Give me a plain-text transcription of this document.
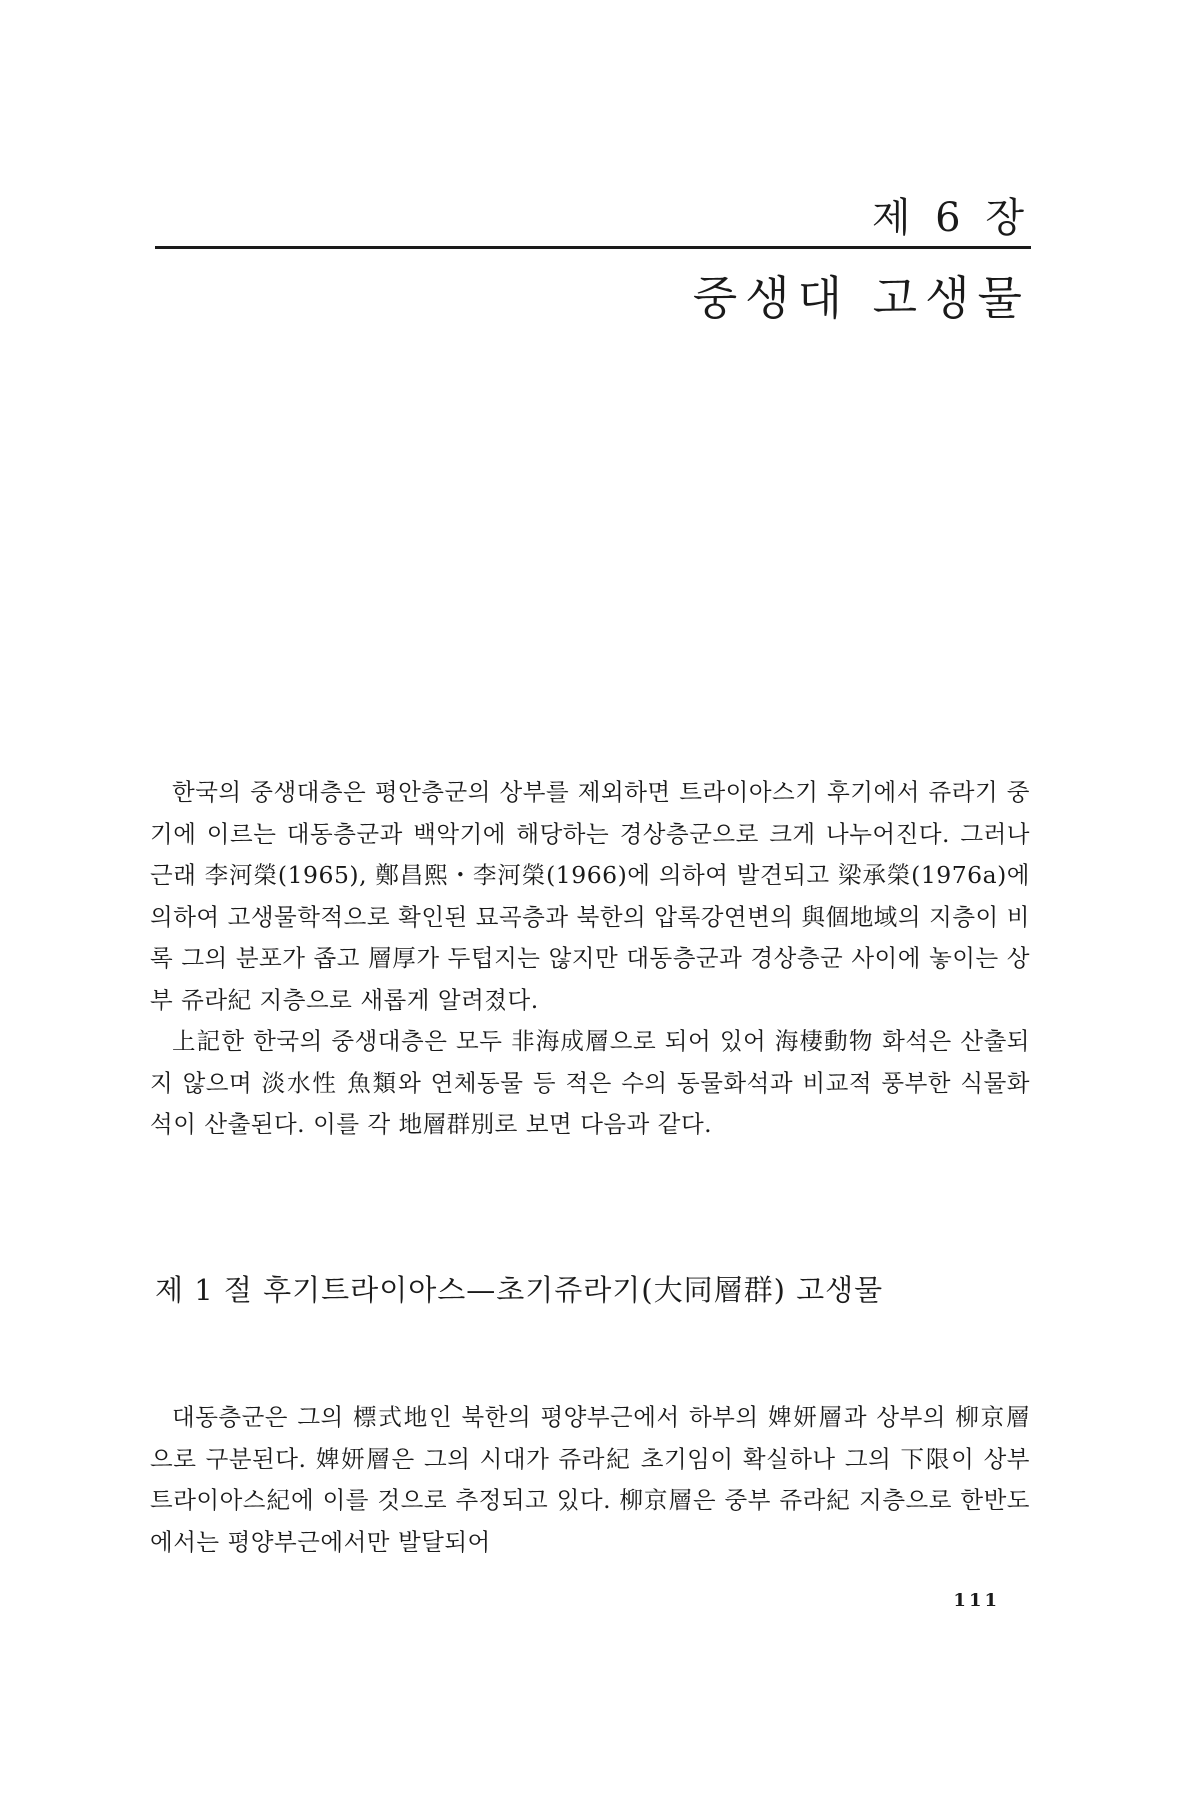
제 6 장
중생대 고생물

한국의 중생대층은 평안층군의 상부를 제외하면 트라이아스기 후기에서 쥬라기 중기에 이르는 대동층군과 백악기에 해당하는 경상층군으로 크게 나누어진다. 그러나 근래 李河榮(1965), 鄭昌熙・李河榮(1966)에 의하여 발견되고 梁承榮(1976a)에 의하여 고생물학적으로 확인된 묘곡층과 북한의 압록강연변의 與個地域의 지층이 비록 그의 분포가 좁고 層厚가 두텁지는 않지만 대동층군과 경상층군 사이에 놓이는 상부 쥬라紀 지층으로 새롭게 알려졌다.

上記한 한국의 중생대층은 모두 非海成層으로 되어 있어 海棲動物 화석은 산출되지 않으며 淡水性 魚類와 연체동물 등 적은 수의 동물화석과 비교적 풍부한 식물화석이 산출된다. 이를 각 地層群別로 보면 다음과 같다.

제 1 절 후기트라이아스—초기쥬라기(大同層群) 고생물

대동층군은 그의 標式地인 북한의 평양부근에서 하부의 婢妍層과 상부의 柳京層으로 구분된다. 婢妍層은 그의 시대가 쥬라紀 초기임이 확실하나 그의 下限이 상부 트라이아스紀에 이를 것으로 추정되고 있다. 柳京層은 중부 쥬라紀 지층으로 한반도에서는 평양부근에서만 발달되어

111
